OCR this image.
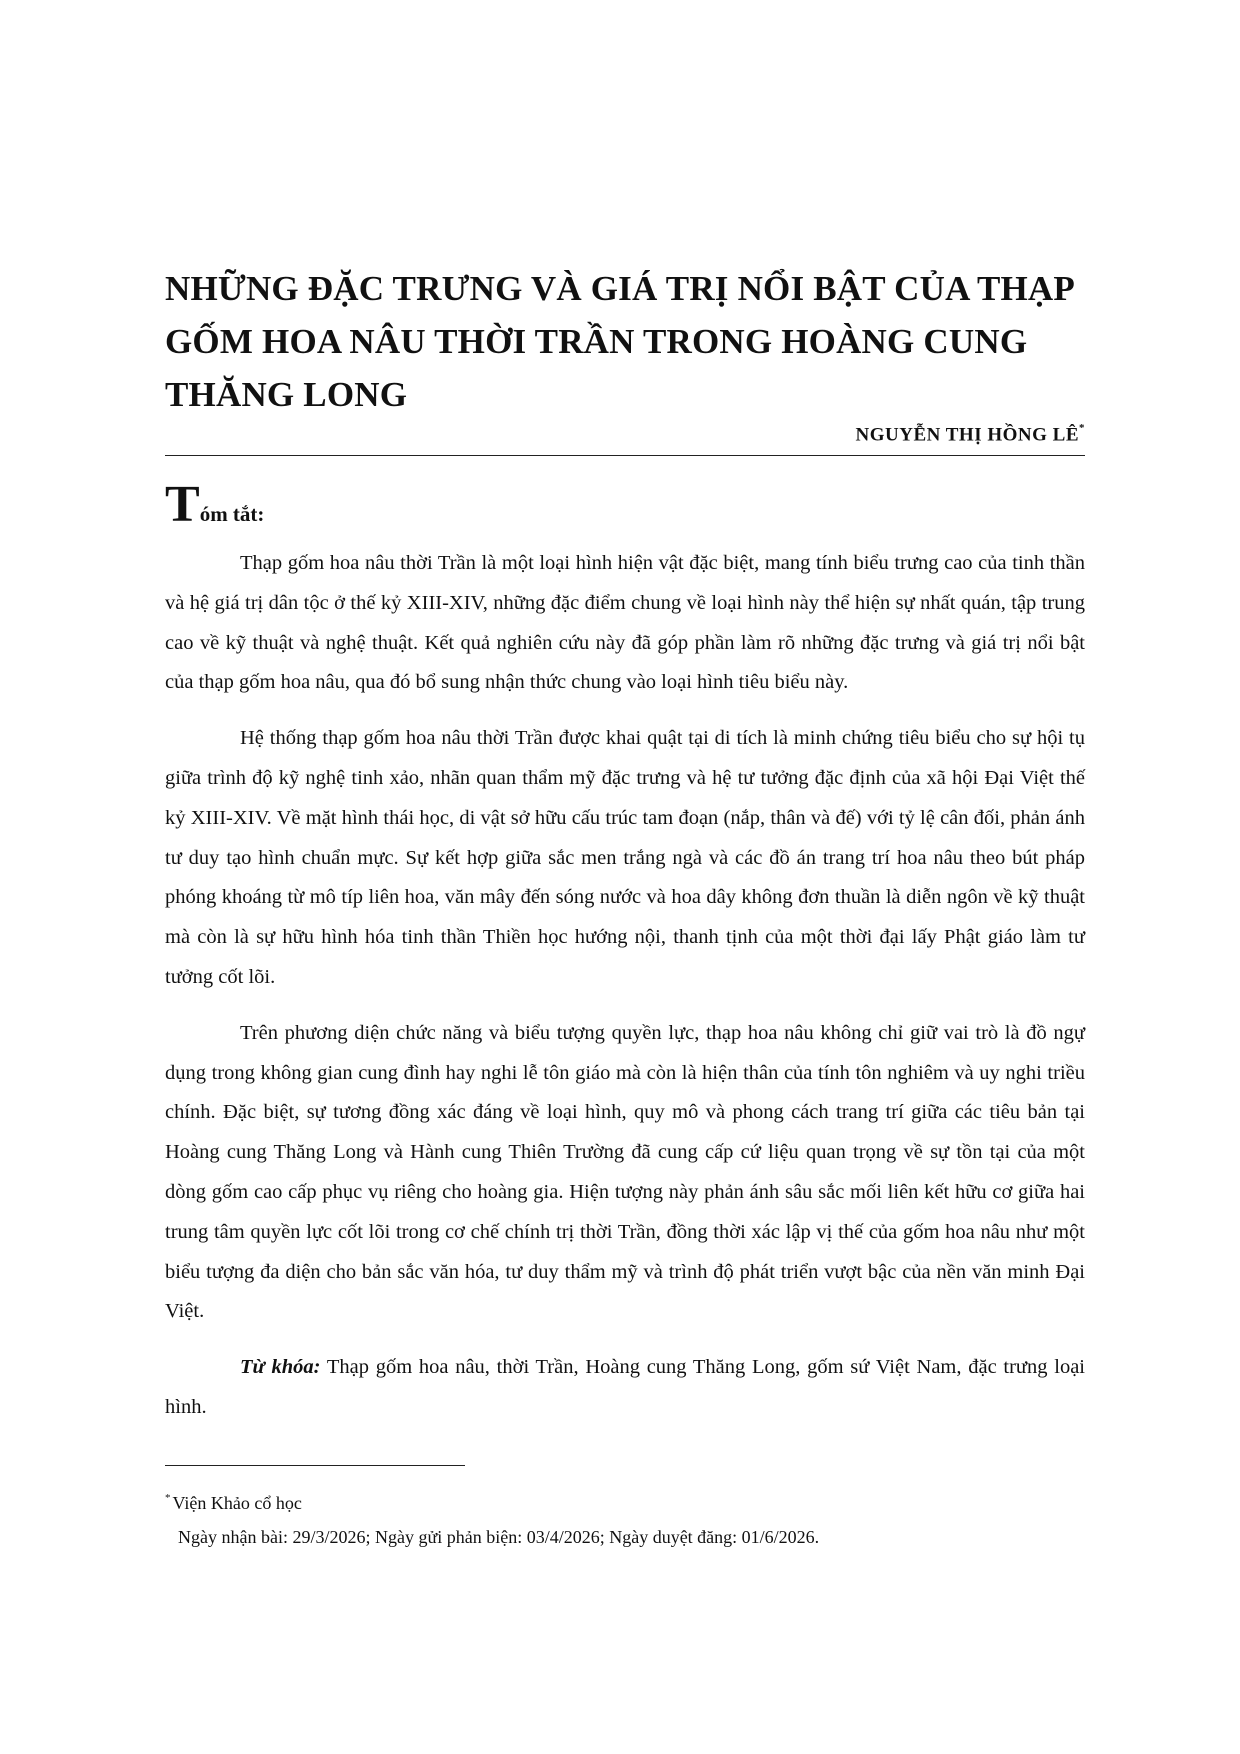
NHỮNG ĐẶC TRƯNG VÀ GIÁ TRỊ NỔI BẬT CỦA THẠP
GỐM HOA NÂU THỜI TRẦN TRONG HOÀNG CUNG
THĂNG LONG
NGUYỄN THỊ HỒNG LÊ*
Tóm tắt:

Thạp gốm hoa nâu thời Trần là một loại hình hiện vật đặc biệt, mang tính biểu trưng cao của tinh thần và hệ giá trị dân tộc ở thế kỷ XIII-XIV, những đặc điểm chung về loại hình này thể hiện sự nhất quán, tập trung cao về kỹ thuật và nghệ thuật. Kết quả nghiên cứu này đã góp phần làm rõ những đặc trưng và giá trị nổi bật của thạp gốm hoa nâu, qua đó bổ sung nhận thức chung vào loại hình tiêu biểu này.

Hệ thống thạp gốm hoa nâu thời Trần được khai quật tại di tích là minh chứng tiêu biểu cho sự hội tụ giữa trình độ kỹ nghệ tinh xảo, nhãn quan thẩm mỹ đặc trưng và hệ tư tưởng đặc định của xã hội Đại Việt thế kỷ XIII-XIV. Về mặt hình thái học, di vật sở hữu cấu trúc tam đoạn (nắp, thân và đế) với tỷ lệ cân đối, phản ánh tư duy tạo hình chuẩn mực. Sự kết hợp giữa sắc men trắng ngà và các đồ án trang trí hoa nâu theo bút pháp phóng khoáng từ mô típ liên hoa, văn mây đến sóng nước và hoa dây không đơn thuần là diễn ngôn về kỹ thuật mà còn là sự hữu hình hóa tinh thần Thiền học hướng nội, thanh tịnh của một thời đại lấy Phật giáo làm tư tưởng cốt lõi.

Trên phương diện chức năng và biểu tượng quyền lực, thạp hoa nâu không chỉ giữ vai trò là đồ ngự dụng trong không gian cung đình hay nghi lễ tôn giáo mà còn là hiện thân của tính tôn nghiêm và uy nghi triều chính. Đặc biệt, sự tương đồng xác đáng về loại hình, quy mô và phong cách trang trí giữa các tiêu bản tại Hoàng cung Thăng Long và Hành cung Thiên Trường đã cung cấp cứ liệu quan trọng về sự tồn tại của một dòng gốm cao cấp phục vụ riêng cho hoàng gia. Hiện tượng này phản ánh sâu sắc mối liên kết hữu cơ giữa hai trung tâm quyền lực cốt lõi trong cơ chế chính trị thời Trần, đồng thời xác lập vị thế của gốm hoa nâu như một biểu tượng đa diện cho bản sắc văn hóa, tư duy thẩm mỹ và trình độ phát triển vượt bậc của nền văn minh Đại Việt.

Từ khóa: Thạp gốm hoa nâu, thời Trần, Hoàng cung Thăng Long, gốm sứ Việt Nam, đặc trưng loại hình.

* Viện Khảo cổ học
Ngày nhận bài: 29/3/2026; Ngày gửi phản biện: 03/4/2026; Ngày duyệt đăng: 01/6/2026.
